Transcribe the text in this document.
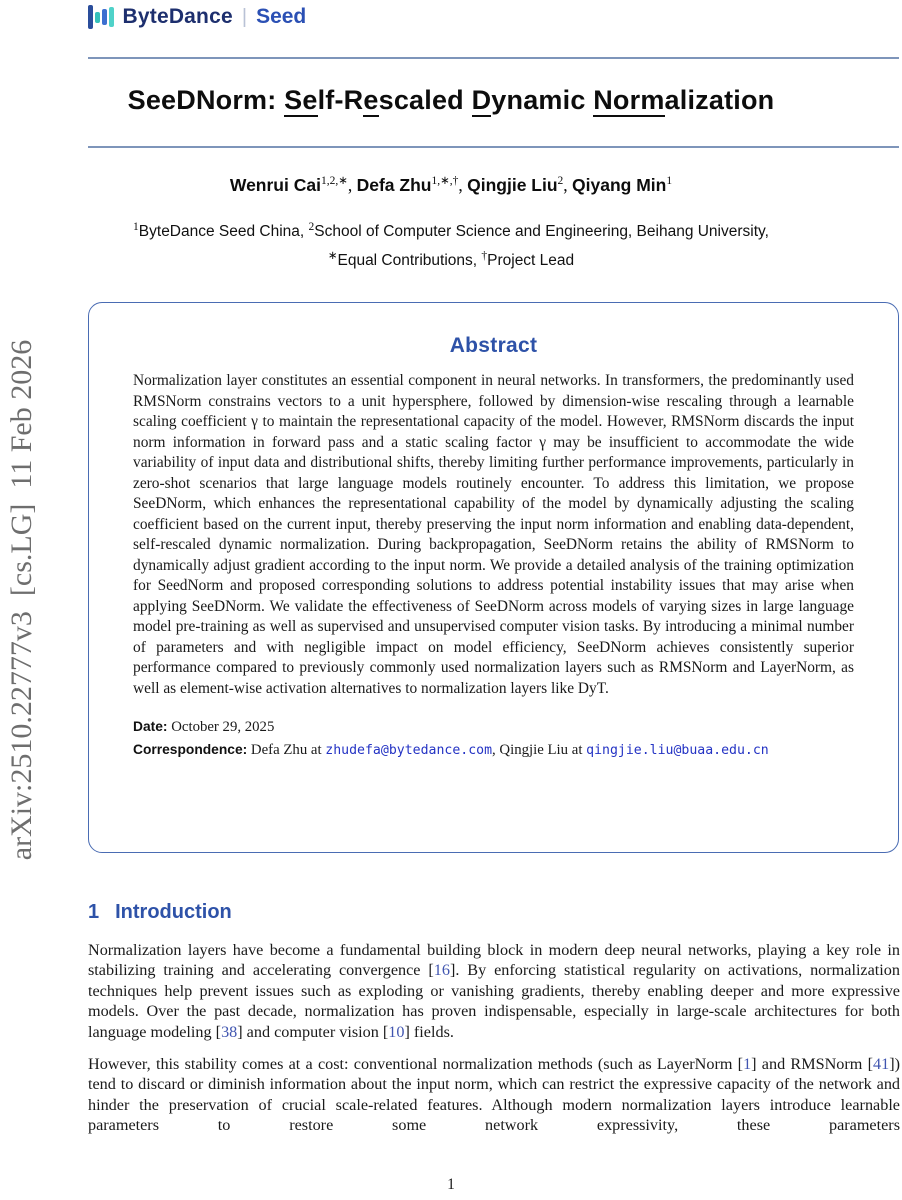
arXiv:2510.22777v3  [cs.LG]  11 Feb 2026
ByteDance | Seed
SeeDNorm: Self-Rescaled Dynamic Normalization
Wenrui Cai$^{1,2,∗}$, Defa Zhu$^{1,∗,\dagger}$, Qingjie Liu$^2$, Qiyang Min$^1$
$^1$ByteDance Seed China, $^2$School of Computer Science and Engineering, Beihang University,
∗Equal Contributions, †Project Lead
Abstract
Normalization layer constitutes an essential component in neural networks. In transformers, the predominantly used RMSNorm constrains vectors to a unit hypersphere, followed by dimension-wise rescaling through a learnable scaling coefficient γ to maintain the representational capacity of the model. However, RMSNorm discards the input norm information in forward pass and a static scaling factor γ may be insufficient to accommodate the wide variability of input data and distributional shifts, thereby limiting further performance improvements, particularly in zero-shot scenarios that large language models routinely encounter. To address this limitation, we propose SeeDNorm, which enhances the representational capability of the model by dynamically adjusting the scaling coefficient based on the current input, thereby preserving the input norm information and enabling data-dependent, self-rescaled dynamic normalization. During backpropagation, SeeDNorm retains the ability of RMSNorm to dynamically adjust gradient according to the input norm. We provide a detailed analysis of the training optimization for SeedNorm and proposed corresponding solutions to address potential instability issues that may arise when applying SeeDNorm. We validate the effectiveness of SeeDNorm across models of varying sizes in large language model pre-training as well as supervised and unsupervised computer vision tasks. By introducing a minimal number of parameters and with negligible impact on model efficiency, SeeDNorm achieves consistently superior performance compared to previously commonly used normalization layers such as RMSNorm and LayerNorm, as well as element-wise activation alternatives to normalization layers like DyT.
Date: October 29, 2025
Correspondence: Defa Zhu at zhudefa@bytedance.com, Qingjie Liu at qingjie.liu@buaa.edu.cn
1 Introduction
Normalization layers have become a fundamental building block in modern deep neural networks, playing a key role in stabilizing training and accelerating convergence [16]. By enforcing statistical regularity on activations, normalization techniques help prevent issues such as exploding or vanishing gradients, thereby enabling deeper and more expressive models. Over the past decade, normalization has proven indispensable, especially in large-scale architectures for both language modeling [38] and computer vision [10] fields.
However, this stability comes at a cost: conventional normalization methods (such as LayerNorm [1] and RMSNorm [41]) tend to discard or diminish information about the input norm, which can restrict the expressive capacity of the network and hinder the preservation of crucial scale-related features. Although modern normalization layers introduce learnable parameters to restore some network expressivity, these parameters
1
